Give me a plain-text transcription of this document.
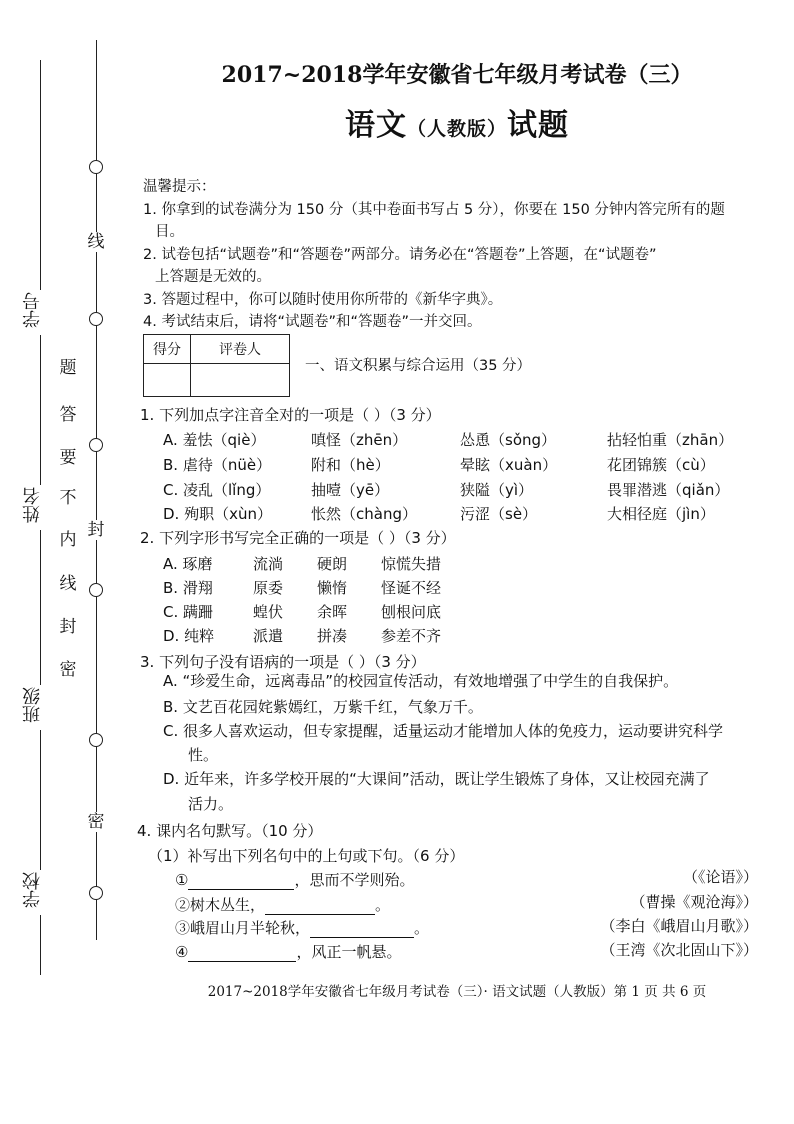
线
封
密
学号
姓名
班级
学校
题
答
要
不
内
线
封
密
2017~2018学年安徽省七年级月考试卷（三）
语文（人教版）试题

温馨提示：

1. 你拿到的试卷满分为 150 分（其中卷面书写占 5 分），你要在 150 分钟内答完所有的题

目。

2. 试卷包括“试题卷”和“答题卷”两部分。请务必在“答题卷”上答题，在“试题卷”

上答题是无效的。

3. 答题过程中，你可以随时使用你所带的《新华字典》。

4. 考试结束后，请将“试题卷”和“答题卷”一并交回。

得分	评卷人

一、语文积累与综合运用（35 分）
1. 下列加点字注音全对的一项是（ ）（3 分）
A. 羞怯（qiè）	嗔怪（zhēn）	怂恿（sǒng）	拈轻怕重（zhān）
B. 虐待（nüè）	附和（hè）	晕眩（xuàn）	花团锦簇（cù）
C. 凌乱（lǐng）	抽噎（yē）	狭隘（yì）	畏罪潜逃（qiǎn）
D. 殉职（xùn）	怅然（chàng）	污涩（sè）	大相径庭（jìn）
2. 下列字形书写完全正确的一项是（ ）（3 分）
A. 琢磨	流淌 硬朗 惊慌失措
B. 滑翔	原委 懒惰 怪诞不经
C. 蹒跚	蝗伏 余晖 刨根问底
D. 纯粹	派遣 拼凑 参差不齐
3. 下列句子没有语病的一项是（ ）（3 分）
A. “珍爱生命，远离毒品”的校园宣传活动，有效地增强了中学生的自我保护。
B. 文艺百花园姹紫嫣红，万紫千红，气象万千。
C. 很多人喜欢运动，但专家提醒，适量运动才能增加人体的免疫力，运动要讲究科学
性。
D. 近年来，许多学校开展的“大课间”活动，既让学生锻炼了身体，又让校园充满了
活力。
4. 课内名句默写。（10 分）
（1）补写出下列名句中的上句或下句。（6 分）
①	，思而不学则殆。	（《论语》）
②树木丛生，	。	（曹操《观沧海》）
③峨眉山月半轮秋，	。	（李白《峨眉山月歌》）
④	，风正一帆悬。	（王湾《次北固山下》）
2017~2018学年安徽省七年级月考试卷（三）· 语文试题（人教版）第 1 页 共 6 页
